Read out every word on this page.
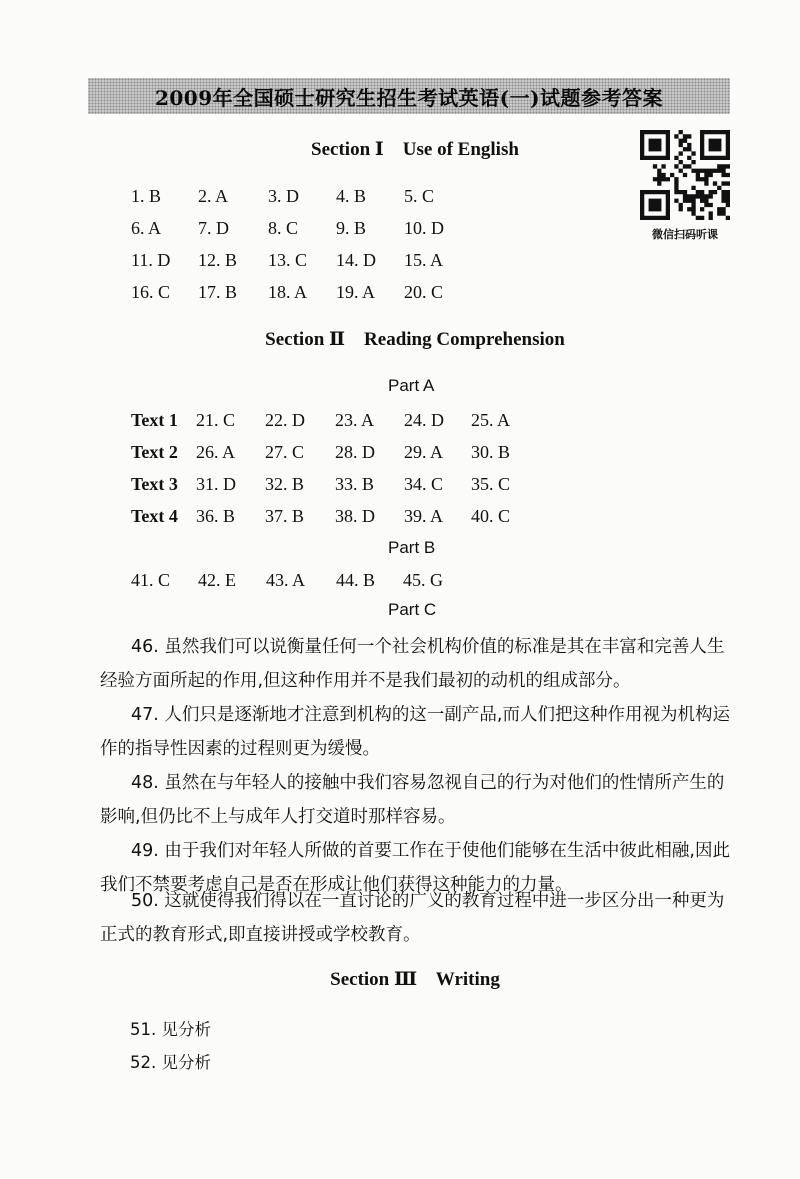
2009年全国硕士研究生招生考试英语(一)试题参考答案
微信扫码听课
Section Ⅰ    Use of English
1. B 2. A 3. D 4. B 5. C
6. A 7. D 8. C 9. B 10. D
11. D 12. B 13. C 14. D 15. A
16. C 17. B 18. A 19. A 20. C
Section Ⅱ    Reading Comprehension
Part A
Text 1 21. C 22. D 23. A 24. D 25. A
Text 2 26. A 27. C 28. D 29. A 30. B
Text 3 31. D 32. B 33. B 34. C 35. C
Text 4 36. B 37. B 38. D 39. A 40. C
Part B
41. C 42. E 43. A 44. B 45. G
Part C
46. 虽然我们可以说衡量任何一个社会机构价值的标准是其在丰富和完善人生经验方面所起的作用,但这种作用并不是我们最初的动机的组成部分。
47. 人们只是逐渐地才注意到机构的这一副产品,而人们把这种作用视为机构运作的指导性因素的过程则更为缓慢。
48. 虽然在与年轻人的接触中我们容易忽视自己的行为对他们的性情所产生的影响,但仍比不上与成年人打交道时那样容易。
49. 由于我们对年轻人所做的首要工作在于使他们能够在生活中彼此相融,因此我们不禁要考虑自己是否在形成让他们获得这种能力的力量。
50. 这就使得我们得以在一直讨论的广义的教育过程中进一步区分出一种更为正式的教育形式,即直接讲授或学校教育。
Section Ⅲ    Writing
51. 见分析
52. 见分析
